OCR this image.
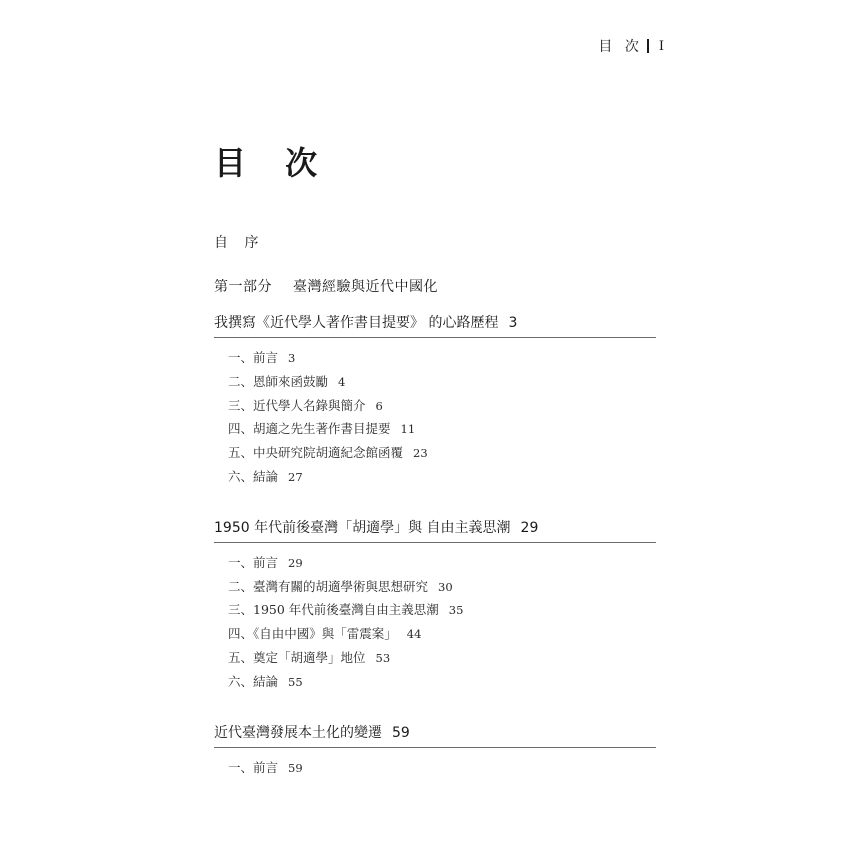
目 次 I
目 次
自 序
第一部分 臺灣經驗與近代中國化
我撰寫《近代學人著作書目提要》 的心路歷程 3
一、前言 3
二、恩師來函鼓勵 4
三、近代學人名錄與簡介 6
四、胡適之先生著作書目提要 11
五、中央研究院胡適紀念館函覆 23
六、結論 27
1950 年代前後臺灣「胡適學」與 自由主義思潮 29
一、前言 29
二、臺灣有關的胡適學術與思想研究 30
三、1950 年代前後臺灣自由主義思潮 35
四、《自由中國》與「雷震案」 44
五、奠定「胡適學」地位 53
六、結論 55
近代臺灣發展本土化的變遷 59
一、前言 59
